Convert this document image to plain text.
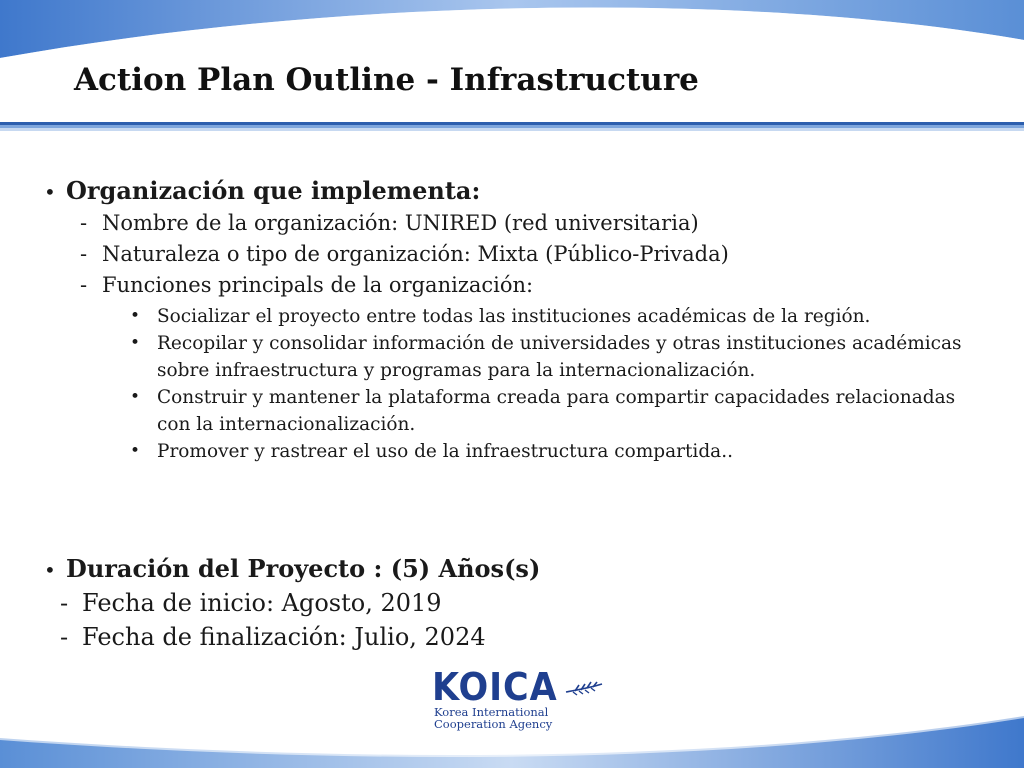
Action Plan Outline - Infrastructure
• Organización que implementa:
- Nombre de la organización: UNIRED (red universitaria)
- Naturaleza o tipo de organización: Mixta (Público-Privada)
- Funciones principals de la organización:
• Socializar el proyecto entre todas las instituciones académicas de la región.
• Recopilar y consolidar información de universidades y otras instituciones académicas sobre infraestructura y programas para la internacionalización.
• Construir y mantener la plataforma creada para compartir capacidades relacionadas con la internacionalización.
• Promover y rastrear el uso de la infraestructura compartida..
• Duración del Proyecto : (5) Años(s)
- Fecha de inicio: Agosto, 2019
- Fecha de finalización: Julio, 2024
KOICA
Korea International
Cooperation Agency
